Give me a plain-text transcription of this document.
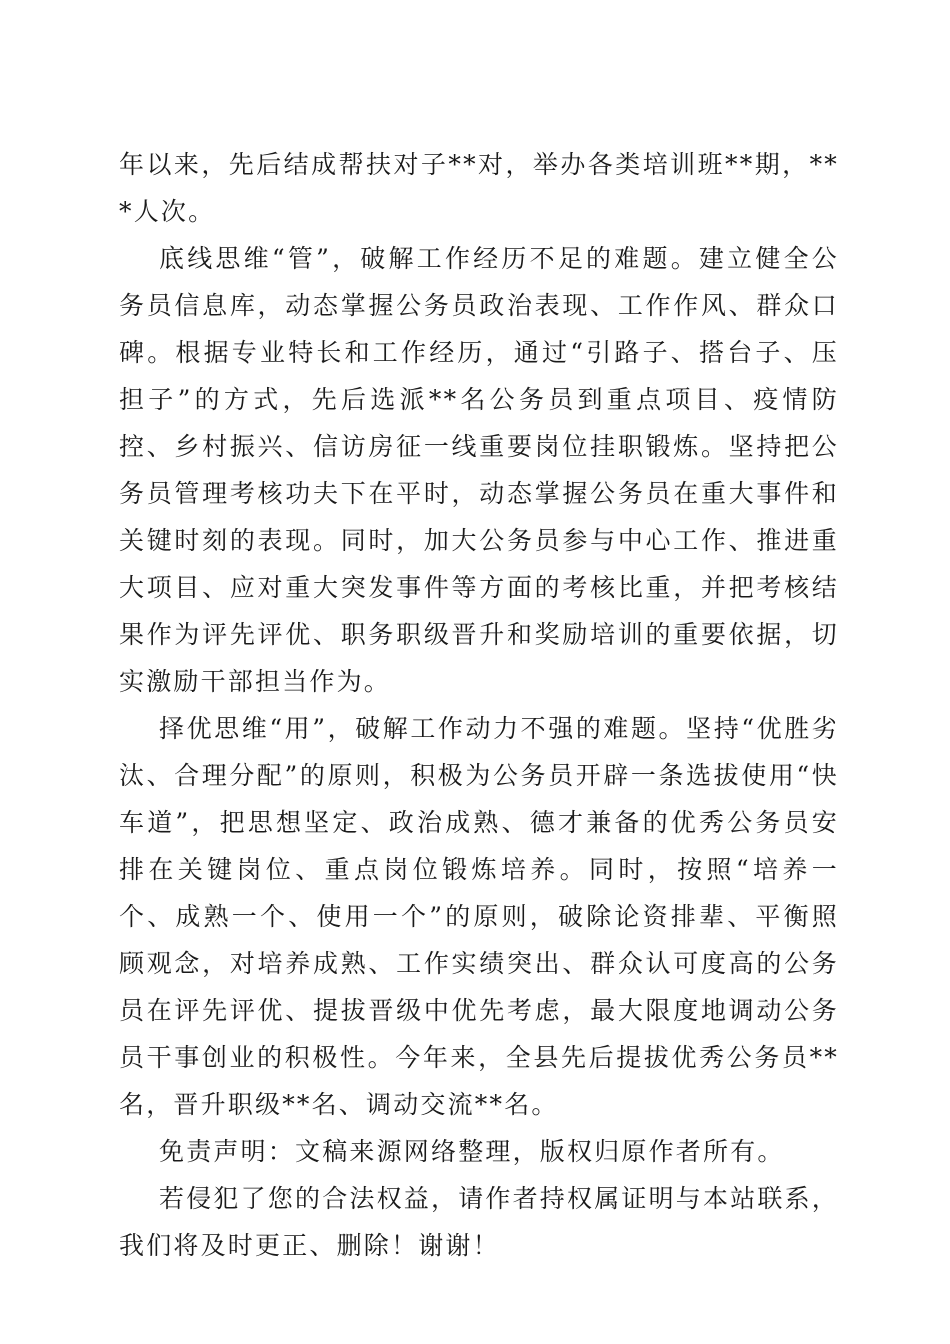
年以来，先后结成帮扶对子**对，举办各类培训班**期，***人次。

底线思维“管”，破解工作经历不足的难题。建立健全公务员信息库，动态掌握公务员政治表现、工作作风、群众口碑。根据专业特长和工作经历，通过“引路子、搭台子、压担子”的方式，先后选派**名公务员到重点项目、疫情防控、乡村振兴、信访房征一线重要岗位挂职锻炼。坚持把公务员管理考核功夫下在平时，动态掌握公务员在重大事件和关键时刻的表现。同时，加大公务员参与中心工作、推进重大项目、应对重大突发事件等方面的考核比重，并把考核结果作为评先评优、职务职级晋升和奖励培训的重要依据，切实激励干部担当作为。

择优思维“用”，破解工作动力不强的难题。坚持“优胜劣汰、合理分配”的原则，积极为公务员开辟一条选拔使用“快车道”，把思想坚定、政治成熟、德才兼备的优秀公务员安排在关键岗位、重点岗位锻炼培养。同时，按照“培养一个、成熟一个、使用一个”的原则，破除论资排辈、平衡照顾观念，对培养成熟、工作实绩突出、群众认可度高的公务员在评先评优、提拔晋级中优先考虑，最大限度地调动公务员干事创业的积极性。今年来，全县先后提拔优秀公务员**名，晋升职级**名、调动交流**名。

免责声明：文稿来源网络整理，版权归原作者所有。

若侵犯了您的合法权益，请作者持权属证明与本站联系，我们将及时更正、删除！谢谢！
